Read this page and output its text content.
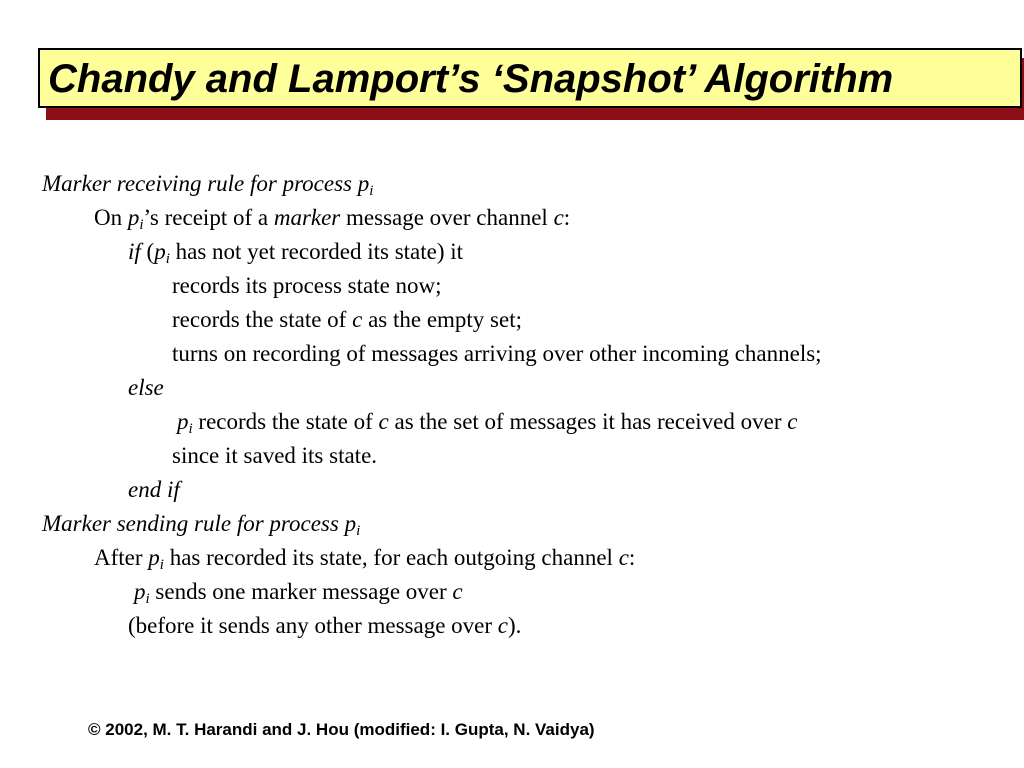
Chandy and Lamport’s ‘Snapshot’ Algorithm
Marker receiving rule for process $p_i$
On $p_i’s$ receipt of a marker message over channel c:
if ($p_i$ has not yet recorded its state) it
records its process state now;
records the state of c as the empty set;
turns on recording of messages arriving over other incoming channels;
else
$p_i$ records the state of c as the set of messages it has received over c
since it saved its state.
end if
Marker sending rule for process $p_i$
After $p_i$ has recorded its state, for each outgoing channel c:
$p_i$ sends one marker message over c
(before it sends any other message over c).
© 2002, M. T. Harandi and J. Hou (modified: I. Gupta, N. Vaidya)
